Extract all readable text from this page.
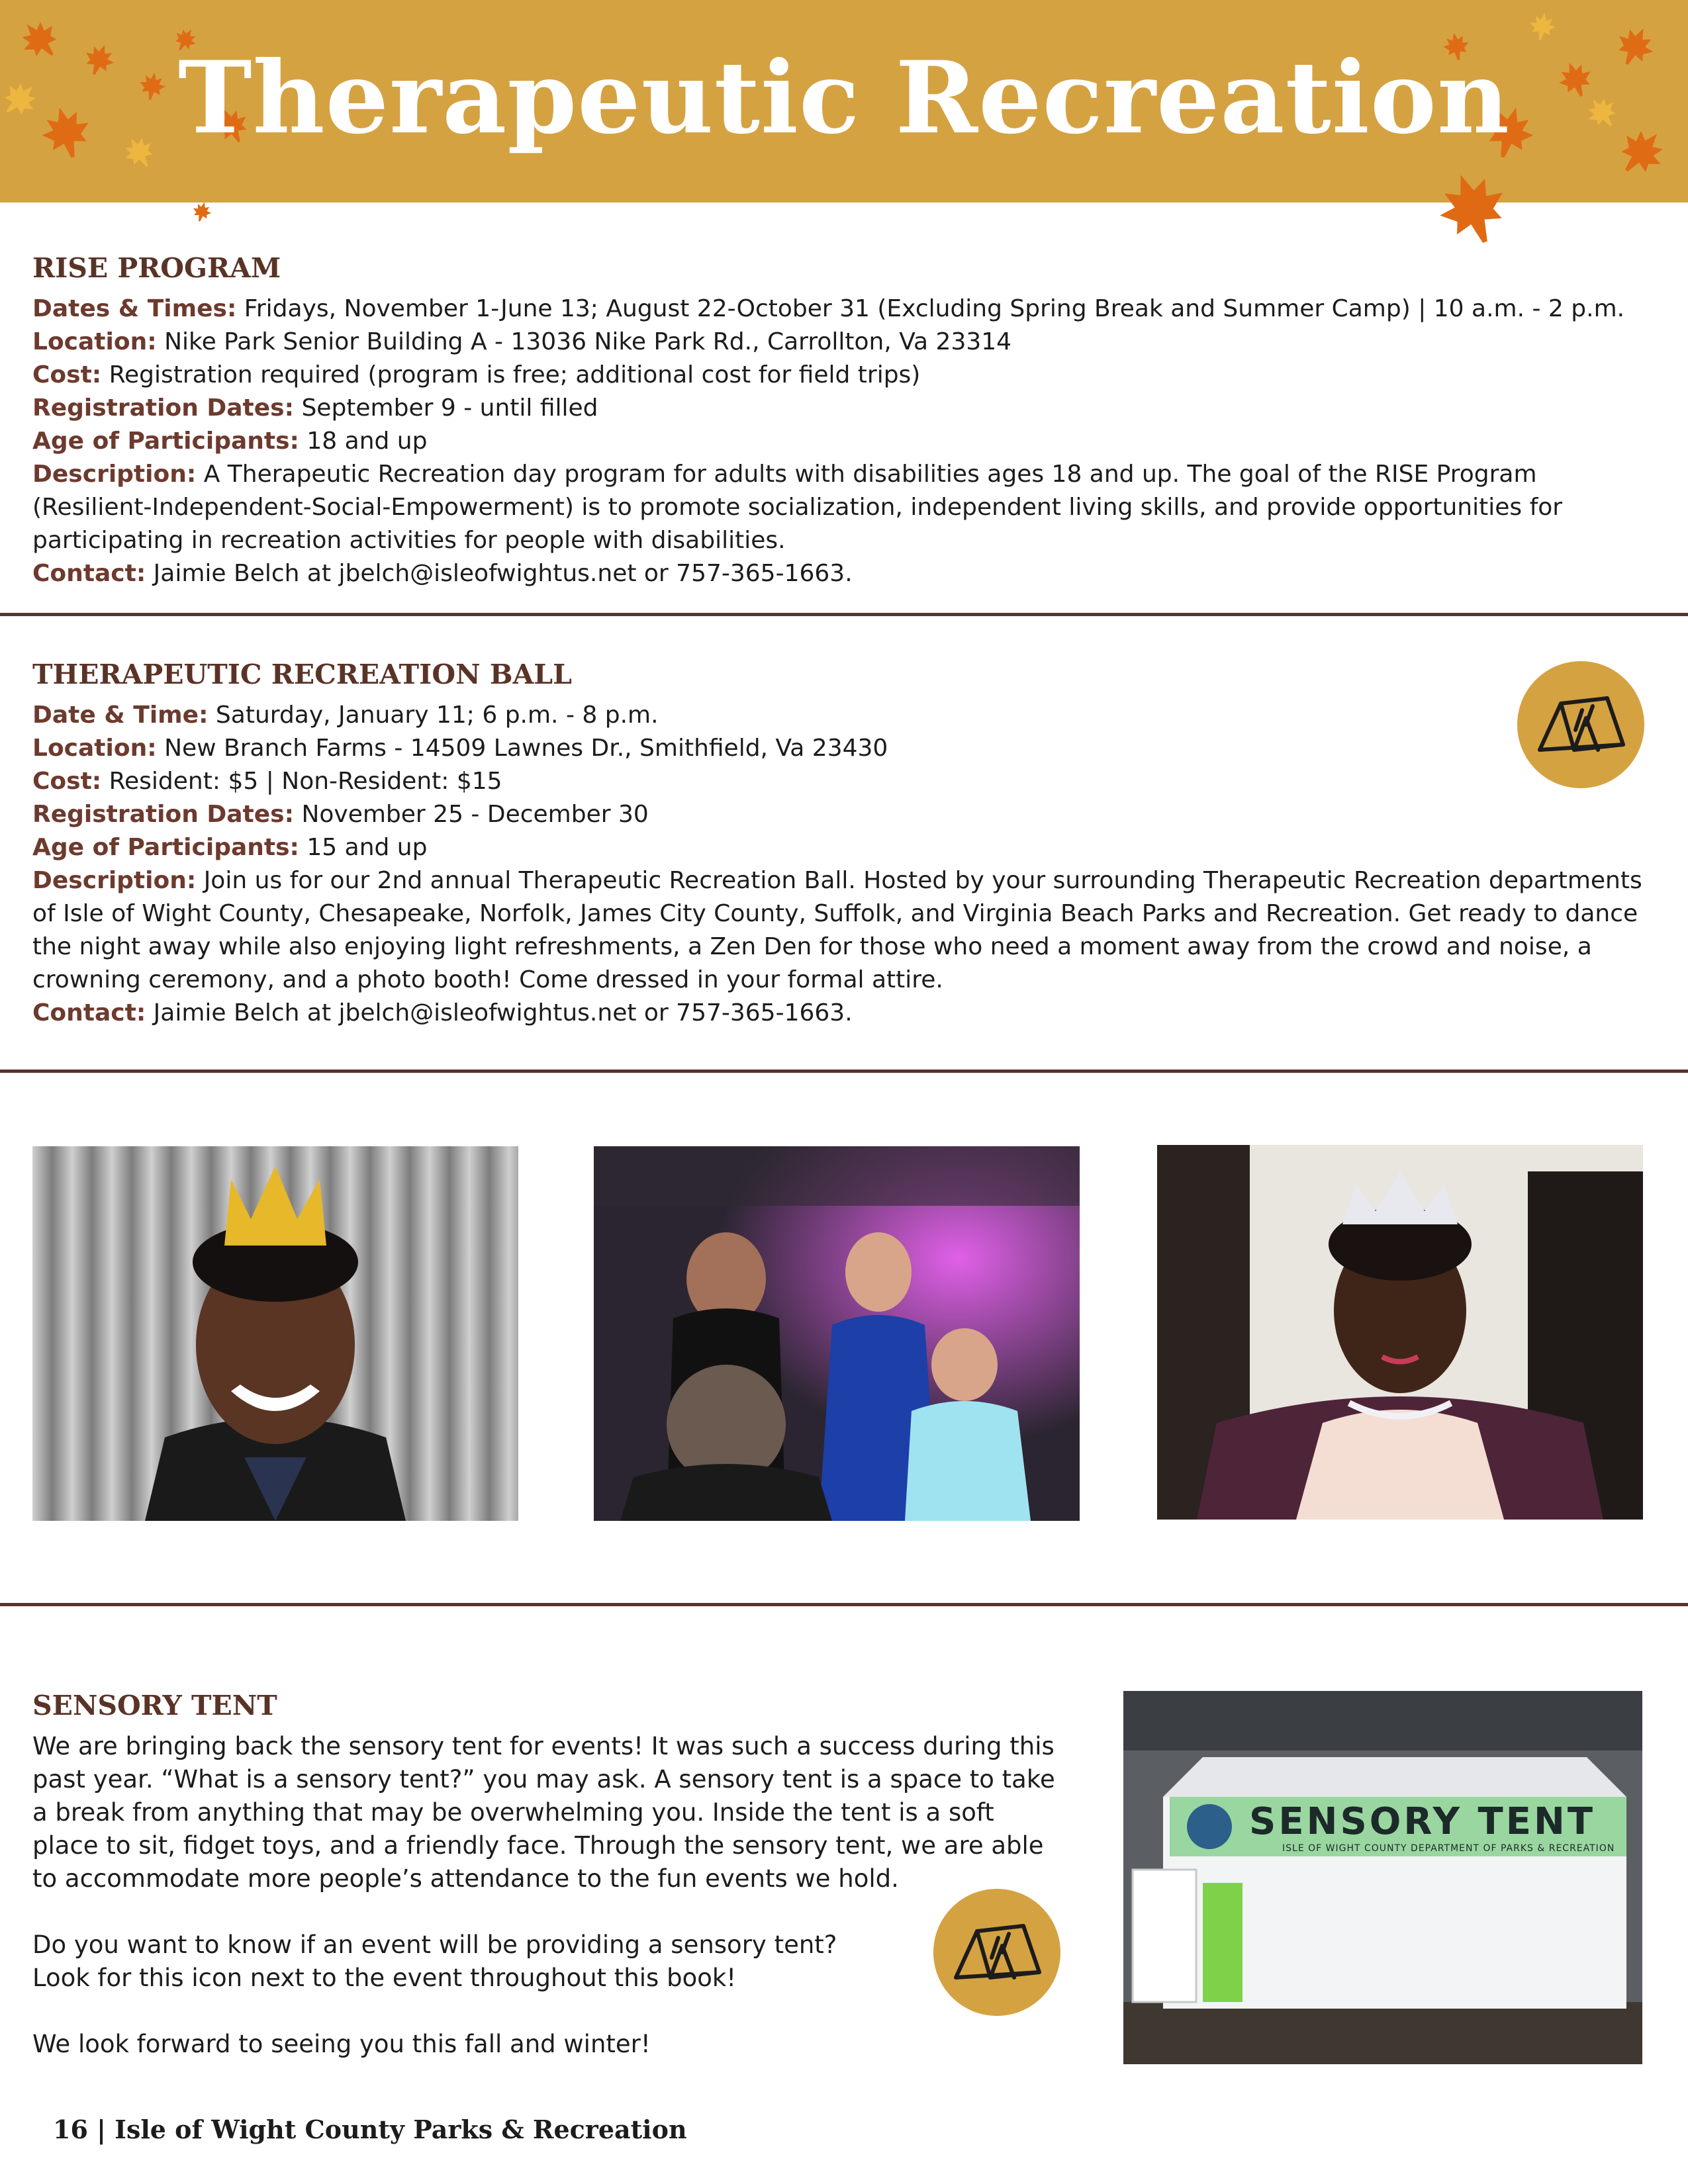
Therapeutic Recreation
RISE PROGRAM

Dates & Times: Fridays, November 1-June 13; August 22-October 31 (Excluding Spring Break and Summer Camp) | 10 a.m. - 2 p.m.

Location: Nike Park Senior Building A - 13036 Nike Park Rd., Carrollton, Va 23314

Cost: Registration required (program is free; additional cost for field trips)

Registration Dates: September 9 - until filled

Age of Participants: 18 and up

Description: A Therapeutic Recreation day program for adults with disabilities ages 18 and up. The goal of the RISE Program (Resilient-Independent-Social-Empowerment) is to promote socialization, independent living skills, and provide opportunities for participating in recreation activities for people with disabilities.

Contact: Jaimie Belch at jbelch@isleofwightus.net or 757-365-1663.

THERAPEUTIC RECREATION BALL

Date & Time: Saturday, January 11; 6 p.m. - 8 p.m.

Location: New Branch Farms - 14509 Lawnes Dr., Smithfield, Va 23430

Cost: Resident: $5 | Non-Resident: $15

Registration Dates: November 25 - December 30

Age of Participants: 15 and up

Description: Join us for our 2nd annual Therapeutic Recreation Ball. Hosted by your surrounding Therapeutic Recreation departments of Isle of Wight County, Chesapeake, Norfolk, James City County, Suffolk, and Virginia Beach Parks and Recreation. Get ready to dance the night away while also enjoying light refreshments, a Zen Den for those who need a moment away from the crowd and noise, a crowning ceremony, and a photo booth! Come dressed in your formal attire.

Contact: Jaimie Belch at jbelch@isleofwightus.net or 757-365-1663.

SENSORY TENT

We are bringing back the sensory tent for events! It was such a success during this past year. “What is a sensory tent?” you may ask. A sensory tent is a space to take a break from anything that may be overwhelming you. Inside the tent is a soft place to sit, fidget toys, and a friendly face. Through the sensory tent, we are able to accommodate more people’s attendance to the fun events we hold.

Do you want to know if an event will be providing a sensory tent?

Look for this icon next to the event throughout this book!

We look forward to seeing you this fall and winter!

SENSORY TENT
ISLE OF WIGHT COUNTY DEPARTMENT OF PARKS & RECREATION
16 | Isle of Wight County Parks & Recreation
